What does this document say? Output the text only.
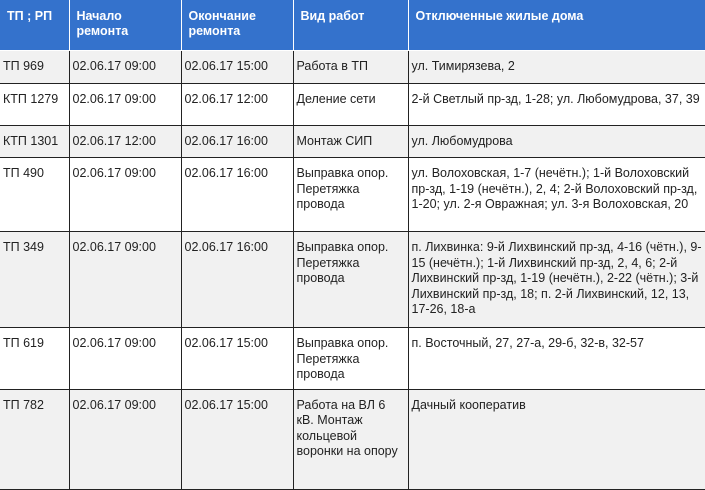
ТП ; РП	Начало ремонта	Окончание ремонта	Вид работ	Отключенные жилые дома
ТП 969	02.06.17 09:00	02.06.17 15:00	Работа в ТП	ул. Тимирязева, 2
КТП 1279	02.06.17 09:00	02.06.17 12:00	Деление сети	2-й Светлый пр-зд, 1-28; ул. Любомудрова, 37, 39
КТП 1301	02.06.17 12:00	02.06.17 16:00	Монтаж СИП	ул. Любомудрова
ТП 490	02.06.17 09:00	02.06.17 16:00	Выправка опор. Перетяжка провода	ул. Волоховская, 1-7 (нечётн.); 1-й Волоховский пр-зд, 1-19 (нечётн.), 2, 4; 2-й Волоховский пр-зд, 1-20; ул. 2-я Овражная; ул. 3-я Волоховская, 20
ТП 349	02.06.17 09:00	02.06.17 16:00	Выправка опор. Перетяжка провода	п. Лихвинка: 9-й Лихвинский пр-зд, 4-16 (чётн.), 9-15 (нечётн.); 1-й Лихвинский пр-зд, 2, 4, 6; 2-й Лихвинский пр-зд, 1-19 (нечётн.), 2-22 (чётн.); 3-й Лихвинский пр-зд, 18; п. 2-й Лихвинский, 12, 13, 17-26, 18-а
ТП 619	02.06.17 09:00	02.06.17 15:00	Выправка опор. Перетяжка провода	п. Восточный, 27, 27-а, 29-б, 32-в, 32-57
ТП 782	02.06.17 09:00	02.06.17 15:00	Работа на ВЛ 6 кВ. Монтаж кольцевой воронки на опору	Дачный кооператив
